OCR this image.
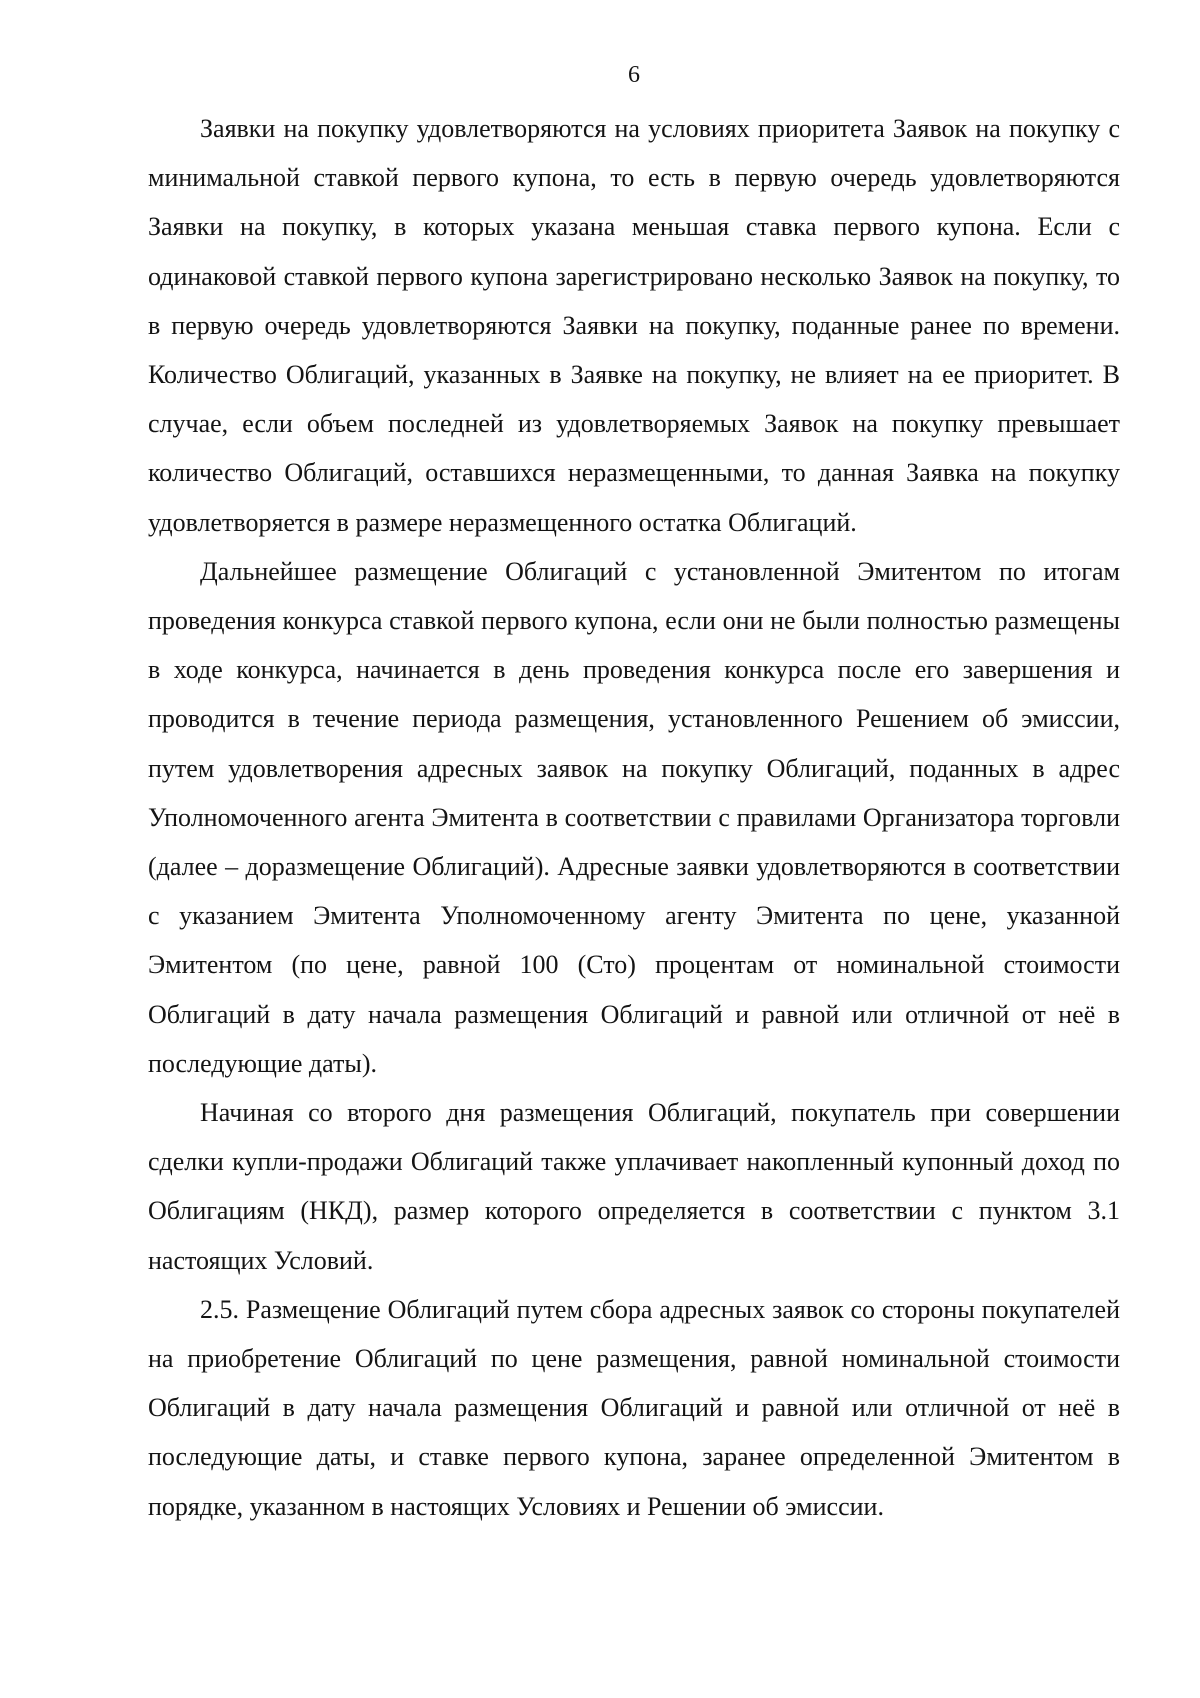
6

Заявки на покупку удовлетворяются на условиях приоритета Заявок на покупку с минимальной ставкой первого купона, то есть в первую очередь удовлетворяются Заявки на покупку, в которых указана меньшая ставка первого купона. Если с одинаковой ставкой первого купона зарегистрировано несколько Заявок на покупку, то в первую очередь удовлетворяются Заявки на покупку, поданные ранее по времени. Количество Облигаций, указанных в Заявке на покупку, не влияет на ее приоритет. В случае, если объем последней из удовлетворяемых Заявок на покупку превышает количество Облигаций, оставшихся неразмещенными, то данная Заявка на покупку удовлетворяется в размере неразмещенного остатка Облигаций.

Дальнейшее размещение Облигаций с установленной Эмитентом по итогам проведения конкурса ставкой первого купона, если они не были полностью размещены в ходе конкурса, начинается в день проведения конкурса после его завершения и проводится в течение периода размещения, установленного Решением об эмиссии, путем удовлетворения адресных заявок на покупку Облигаций, поданных в адрес Уполномоченного агента Эмитента в соответствии с правилами Организатора торговли (далее – доразмещение Облигаций). Адресные заявки удовлетворяются в соответствии с указанием Эмитента Уполномоченному агенту Эмитента по цене, указанной Эмитентом (по цене, равной 100 (Сто) процентам от номинальной стоимости Облигаций в дату начала размещения Облигаций и равной или отличной от неё в последующие даты).

Начиная со второго дня размещения Облигаций, покупатель при совершении сделки купли-продажи Облигаций также уплачивает накопленный купонный доход по Облигациям (НКД), размер которого определяется в соответствии с пунктом 3.1 настоящих Условий.

2.5. Размещение Облигаций путем сбора адресных заявок со стороны покупателей на приобретение Облигаций по цене размещения, равной номинальной стоимости Облигаций в дату начала размещения Облигаций и равной или отличной от неё в последующие даты, и ставке первого купона, заранее определенной Эмитентом в порядке, указанном в настоящих Условиях и Решении об эмиссии.
